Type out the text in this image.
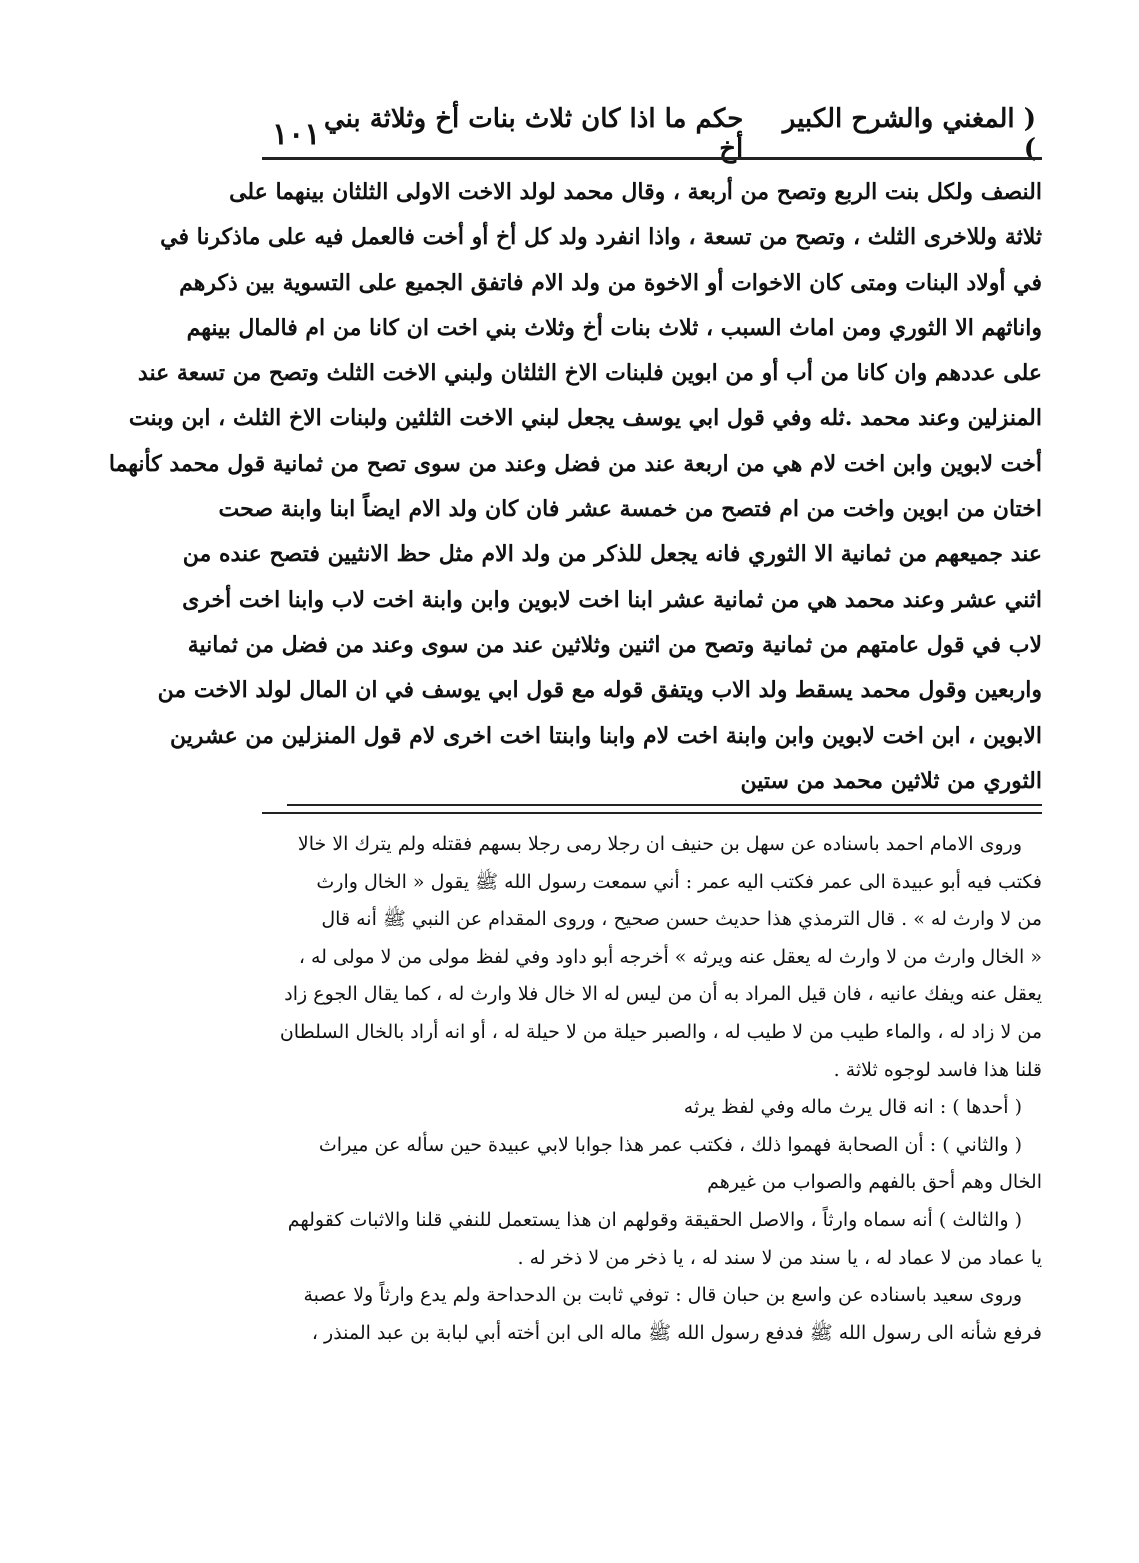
( المغني والشرح الكبير )
حكم ما اذا كان ثلاث بنات أخ وثلاثة بني أخ
١٠١

النصف ولكل بنت الربع وتصح من أربعة ، وقال محمد لولد الاخت الاولى الثلثان بينهما على

ثلاثة وللاخرى الثلث ، وتصح من تسعة ، واذا انفرد ولد كل أخ أو أخت فالعمل فيه على ماذكرنا في

في أولاد البنات ومتى كان الاخوات أو الاخوة من ولد الام فاتفق الجميع على التسوية بين ذكرهم

واناثهم الا الثوري ومن اماث السبب ، ثلاث بنات أخ وثلاث بني اخت ان كانا من ام فالمال بينهم

على عددهم وان كانا من أب أو من ابوين فلبنات الاخ الثلثان ولبني الاخت الثلث وتصح من تسعة عند

المنزلين وعند محمد .ثله وفي قول ابي يوسف يجعل لبني الاخت الثلثين ولبنات الاخ الثلث ، ابن وبنت

أخت لابوين وابن اخت لام هي من اربعة عند من فضل وعند من سوى تصح من ثمانية قول محمد كأنهما

اختان من ابوين واخت من ام فتصح من خمسة عشر فان كان ولد الام ايضاً ابنا وابنة صحت

عند جميعهم من ثمانية الا الثوري فانه يجعل للذكر من ولد الام مثل حظ الانثيين فتصح عنده من

اثني عشر وعند محمد هي من ثمانية عشر ابنا اخت لابوين وابن وابنة اخت لاب وابنا اخت أخرى

لاب في قول عامتهم من ثمانية وتصح من اثنين وثلاثين عند من سوى وعند من فضل من ثمانية

واربعين وقول محمد يسقط ولد الاب ويتفق قوله مع قول ابي يوسف في ان المال لولد الاخت من

الابوين ، ابن اخت لابوين وابن وابنة اخت لام وابنا وابنتا اخت اخرى لام قول المنزلين من عشرين

الثوري من ثلاثين محمد من ستين

وروى الامام احمد باسناده عن سهل بن حنيف ان رجلا رمى رجلا بسهم فقتله ولم يترك الا خالا

فكتب فيه أبو عبيدة الى عمر فكتب اليه عمر : أني سمعت رسول الله ﷺ يقول « الخال وارث

من لا وارث له » . قال الترمذي هذا حديث حسن صحيح ، وروى المقدام عن النبي ﷺ أنه قال

« الخال وارث من لا وارث له يعقل عنه ويرثه » أخرجه أبو داود وفي لفظ مولى من لا مولى له ،

يعقل عنه ويفك عانيه ، فان قيل المراد به أن من ليس له الا خال فلا وارث له ، كما يقال الجوع زاد

من لا زاد له ، والماء طيب من لا طيب له ، والصبر حيلة من لا حيلة له ، أو انه أراد بالخال السلطان

قلنا هذا فاسد لوجوه ثلاثة .

( أحدها ) : انه قال يرث ماله وفي لفظ يرثه

( والثاني ) : أن الصحابة فهموا ذلك ، فكتب عمر هذا جوابا لابي عبيدة حين سأله عن ميراث

الخال وهم أحق بالفهم والصواب من غيرهم

( والثالث ) أنه سماه وارثاً ، والاصل الحقيقة وقولهم ان هذا يستعمل للنفي قلنا والاثبات كقولهم

يا عماد من لا عماد له ، يا سند من لا سند له ، يا ذخر من لا ذخر له .

وروى سعيد باسناده عن واسع بن حبان قال : توفي ثابت بن الدحداحة ولم يدع وارثاً ولا عصبة

فرفع شأنه الى رسول الله ﷺ فدفع رسول الله ﷺ ماله الى ابن أخته أبي لبابة بن عبد المنذر ،
